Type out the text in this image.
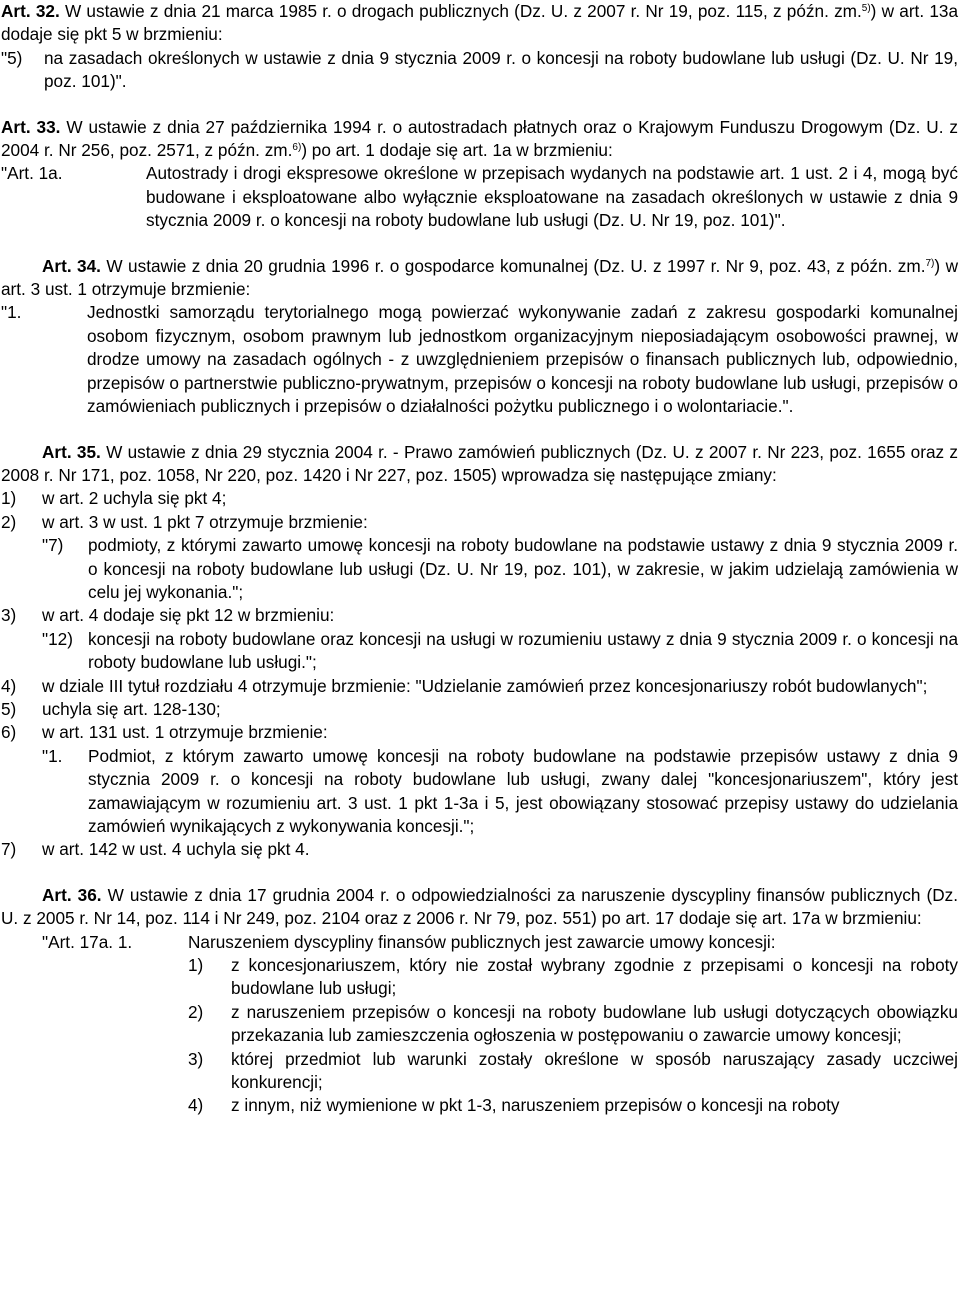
Art. 32. W ustawie z dnia 21 marca 1985 r. o drogach publicznych (Dz. U. z 2007 r. Nr 19, poz. 115, z późn. zm.$^{5)}$) w art. 13a dodaje się pkt 5 w brzmieniu:

"5)	na zasadach określonych w ustawie z dnia 9 stycznia 2009 r. o koncesji na roboty budowlane lub usługi (Dz. U. Nr 19, poz. 101)".

Art. 33. W ustawie z dnia 27 października 1994 r. o autostradach płatnych oraz o Krajowym Funduszu Drogowym (Dz. U. z 2004 r. Nr 256, poz. 2571, z późn. zm.$^{6)}$) po art. 1 dodaje się art. 1a w brzmieniu:

"Art. 1a.	Autostrady i drogi ekspresowe określone w przepisach wydanych na podstawie art. 1 ust. 2 i 4, mogą być budowane i eksploatowane albo wyłącznie eksploatowane na zasadach określonych w ustawie z dnia 9 stycznia 2009 r. o koncesji na roboty budowlane lub usługi (Dz. U. Nr 19, poz. 101)".

Art. 34. W ustawie z dnia 20 grudnia 1996 r. o gospodarce komunalnej (Dz. U. z 1997 r. Nr 9, poz. 43, z późn. zm.$^{7)}$) w art. 3 ust. 1 otrzymuje brzmienie:

"1.	Jednostki samorządu terytorialnego mogą powierzać wykonywanie zadań z zakresu gospodarki komunalnej osobom fizycznym, osobom prawnym lub jednostkom organizacyjnym nieposiadającym osobowości prawnej, w drodze umowy na zasadach ogólnych - z uwzględnieniem przepisów o finansach publicznych lub, odpowiednio, przepisów o partnerstwie publiczno-prywatnym, przepisów o koncesji na roboty budowlane lub usługi, przepisów o zamówieniach publicznych i przepisów o działalności pożytku publicznego i o wolontariacie.".

Art. 35. W ustawie z dnia 29 stycznia 2004 r. - Prawo zamówień publicznych (Dz. U. z 2007 r. Nr 223, poz. 1655 oraz z 2008 r. Nr 171, poz. 1058, Nr 220, poz. 1420 i Nr 227, poz. 1505) wprowadza się następujące zmiany:

1)	w art. 2 uchyla się pkt 4;
2)	w art. 3 w ust. 1 pkt 7 otrzymuje brzmienie:
"7)	podmioty, z którymi zawarto umowę koncesji na roboty budowlane na podstawie ustawy z dnia 9 stycznia 2009 r. o koncesji na roboty budowlane lub usługi (Dz. U. Nr 19, poz. 101), w zakresie, w jakim udzielają zamówienia w celu jej wykonania.";
3)	w art. 4 dodaje się pkt 12 w brzmieniu:
"12) koncesji na roboty budowlane oraz koncesji na usługi w rozumieniu ustawy z dnia 9 stycznia 2009 r. o koncesji na roboty budowlane lub usługi.";
4)	w dziale III tytuł rozdziału 4 otrzymuje brzmienie: "Udzielanie zamówień przez koncesjonariuszy robót budowlanych";
5)	uchyla się art. 128-130;
6)	w art. 131 ust. 1 otrzymuje brzmienie:
"1.	Podmiot, z którym zawarto umowę koncesji na roboty budowlane na podstawie przepisów ustawy z dnia 9 stycznia 2009 r. o koncesji na roboty budowlane lub usługi, zwany dalej "koncesjonariuszem", który jest zamawiającym w rozumieniu art. 3 ust. 1 pkt 1-3a i 5, jest obowiązany stosować przepisy ustawy do udzielania zamówień wynikających z wykonywania koncesji.";
7)	w art. 142 w ust. 4 uchyla się pkt 4.

Art. 36. W ustawie z dnia 17 grudnia 2004 r. o odpowiedzialności za naruszenie dyscypliny finansów publicznych (Dz. U. z 2005 r. Nr 14, poz. 114 i Nr 249, poz. 2104 oraz z 2006 r. Nr 79, poz. 551) po art. 17 dodaje się art. 17a w brzmieniu:

"Art. 17a. 1.	Naruszeniem dyscypliny finansów publicznych jest zawarcie umowy koncesji:
1)	z koncesjonariuszem, który nie został wybrany zgodnie z przepisami o koncesji na roboty budowlane lub usługi;
2)	z naruszeniem przepisów o koncesji na roboty budowlane lub usługi dotyczących obowiązku przekazania lub zamieszczenia ogłoszenia w postępowaniu o zawarcie umowy koncesji;
3)	której przedmiot lub warunki zostały określone w sposób naruszający zasady uczciwej konkurencji;
4)	z innym, niż wymienione w pkt 1-3, naruszeniem przepisów o koncesji na roboty
